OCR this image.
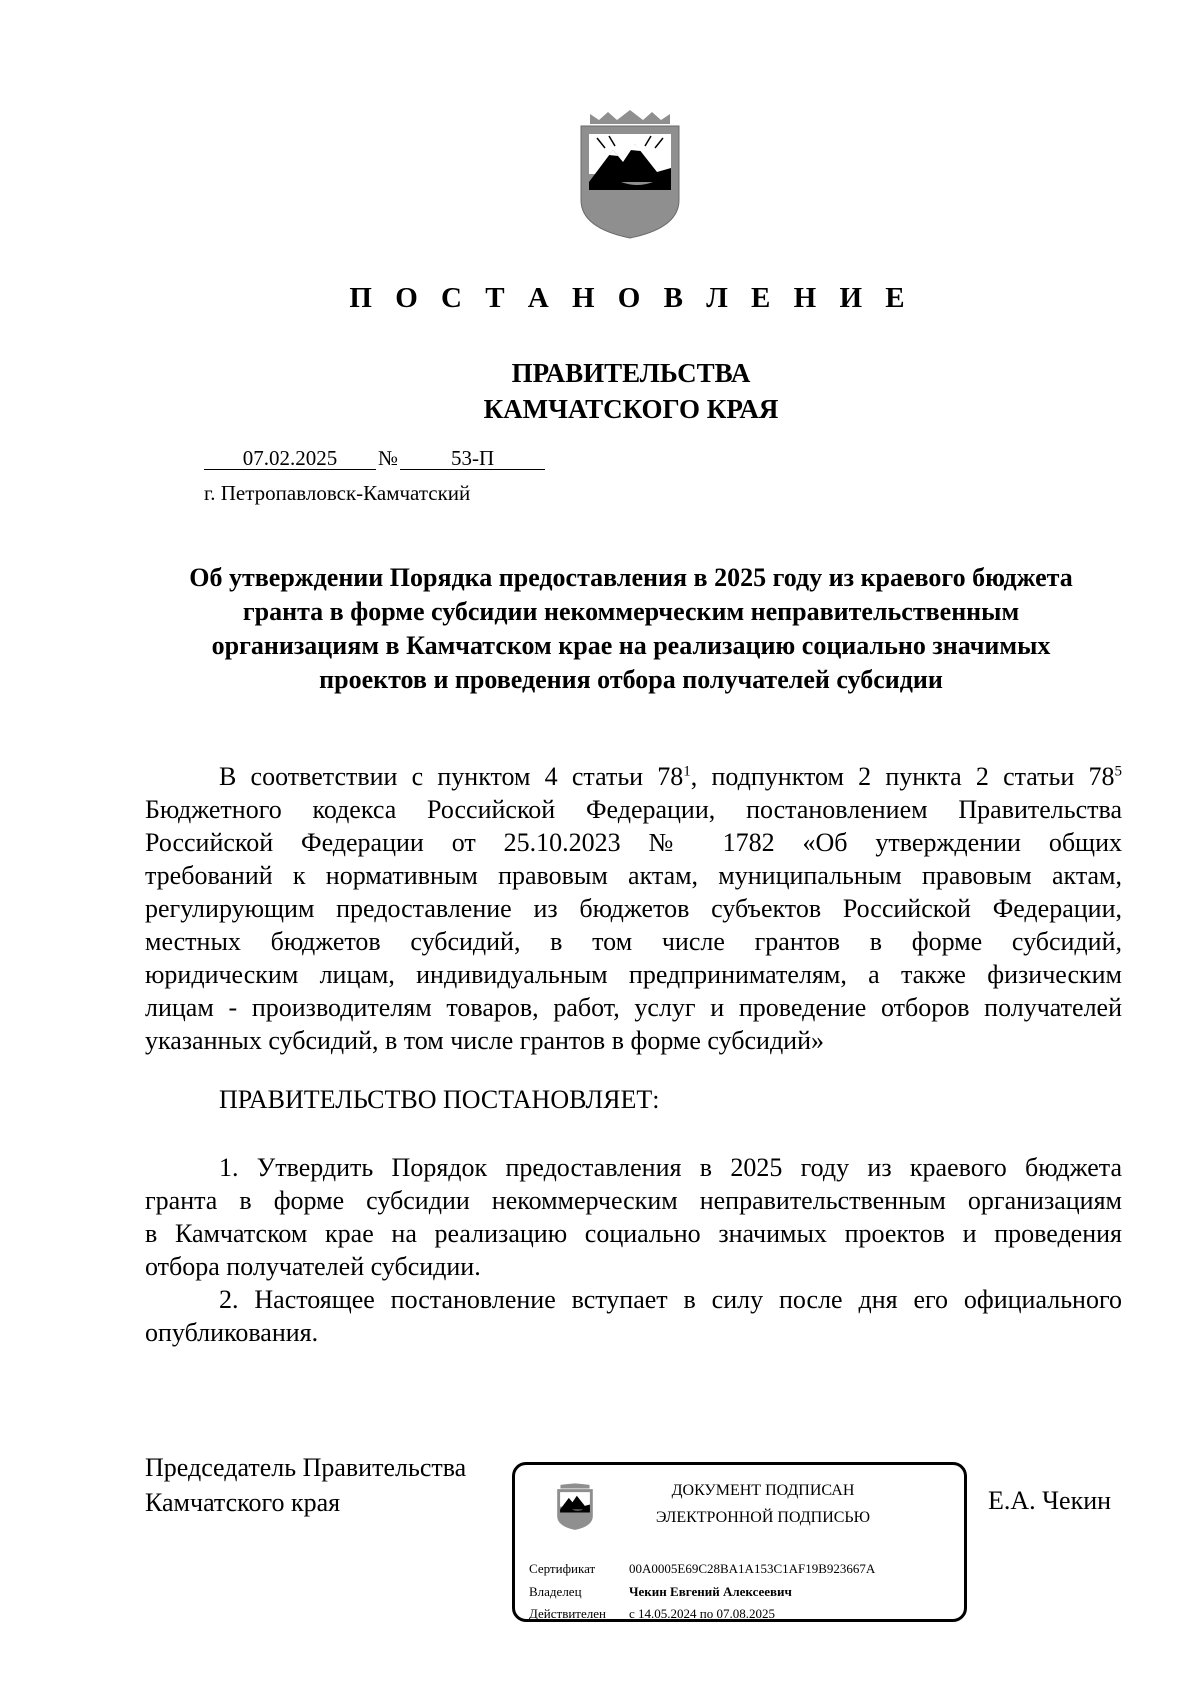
П О С Т А Н О В Л Е Н И Е
ПРАВИТЕЛЬСТВА
КАМЧАТСКОГО КРАЯ
07.02.2025 №	53-П
г. Петропавловск-Камчатский
Об утверждении Порядка предоставления в 2025 году из краевого бюджета
гранта в форме субсидии некоммерческим неправительственным
организациям в Камчатском крае на реализацию социально значимых
проектов и проведения отбора получателей субсидии
В соответствии с пунктом 4 статьи $78^1$, подпунктом 2 пункта 2 статьи $78^5$
Бюджетного кодекса Российской Федерации, постановлением Правительства
Российской Федерации от 25.10.2023 № 1782 «Об утверждении общих
требований к нормативным правовым актам, муниципальным правовым актам,
регулирующим предоставление из бюджетов субъектов Российской Федерации,
местных бюджетов субсидий, в том числе грантов в форме субсидий,
юридическим лицам, индивидуальным предпринимателям, а также физическим
лицам - производителям товаров, работ, услуг и проведение отборов получателей
указанных субсидий, в том числе грантов в форме субсидий»
ПРАВИТЕЛЬСТВО ПОСТАНОВЛЯЕТ:
1. Утвердить Порядок предоставления в 2025 году из краевого бюджета
гранта в форме субсидии некоммерческим неправительственным организациям
в Камчатском крае на реализацию социально значимых проектов и проведения
отбора получателей субсидии.
2. Настоящее постановление вступает в силу после дня его официального
опубликования.
Председатель Правительства
Камчатского края	ДОКУМЕНТ ПОДПИСАН
ЭЛЕКТРОННОЙ ПОДПИСЬЮ
Сертификат	00A0005E69C28BA1A153C1AF19B923667A
Владелец	Чекин Евгений Алексеевич
Действителен с 14.05.2024 по 07.08.2025
Е.А. Чекин
